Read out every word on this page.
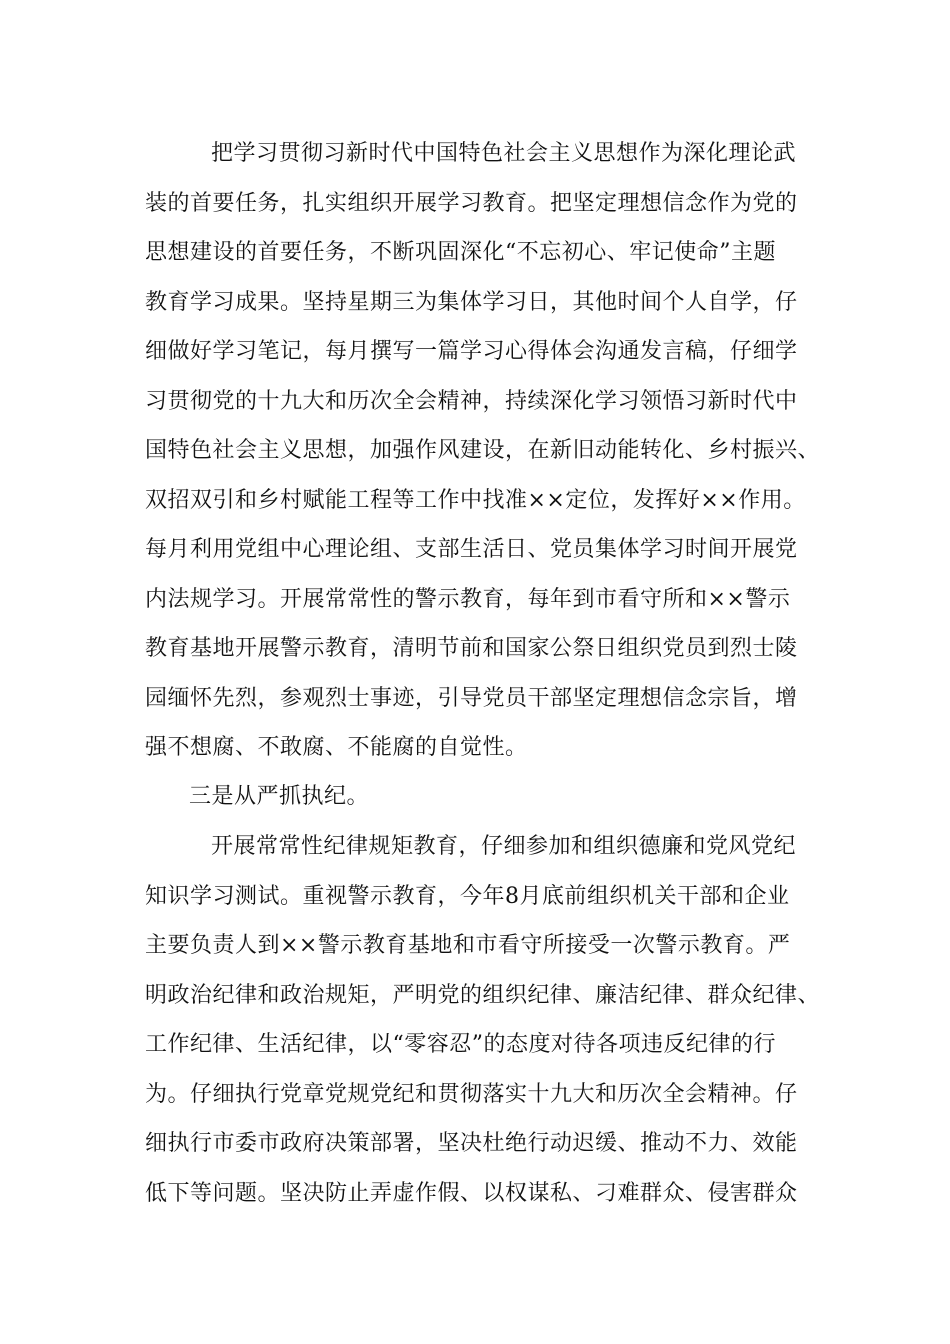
把学习贯彻习新时代中国特色社会主义思想作为深化理论武
装的首要任务，扎实组织开展学习教育。把坚定理想信念作为党的
思想建设的首要任务，不断巩固深化“不忘初心、牢记使命”主题
教育学习成果。坚持星期三为集体学习日，其他时间个人自学，仔
细做好学习笔记，每月撰写一篇学习心得体会沟通发言稿，仔细学
习贯彻党的十九大和历次全会精神，持续深化学习领悟习新时代中
国特色社会主义思想，加强作风建设，在新旧动能转化、乡村振兴、
双招双引和乡村赋能工程等工作中找准××定位，发挥好××作用。
每月利用党组中心理论组、支部生活日、党员集体学习时间开展党
内法规学习。开展常常性的警示教育，每年到市看守所和××警示
教育基地开展警示教育，清明节前和国家公祭日组织党员到烈士陵
园缅怀先烈，参观烈士事迹，引导党员干部坚定理想信念宗旨，增
强不想腐、不敢腐、不能腐的自觉性。
三是从严抓执纪。
开展常常性纪律规矩教育，仔细参加和组织德廉和党风党纪
知识学习测试。重视警示教育，今年8月底前组织机关干部和企业
主要负责人到××警示教育基地和市看守所接受一次警示教育。严
明政治纪律和政治规矩，严明党的组织纪律、廉洁纪律、群众纪律、
工作纪律、生活纪律，以“零容忍”的态度对待各项违反纪律的行
为。仔细执行党章党规党纪和贯彻落实十九大和历次全会精神。仔
细执行市委市政府决策部署，坚决杜绝行动迟缓、推动不力、效能
低下等问题。坚决防止弄虚作假、以权谋私、刁难群众、侵害群众
